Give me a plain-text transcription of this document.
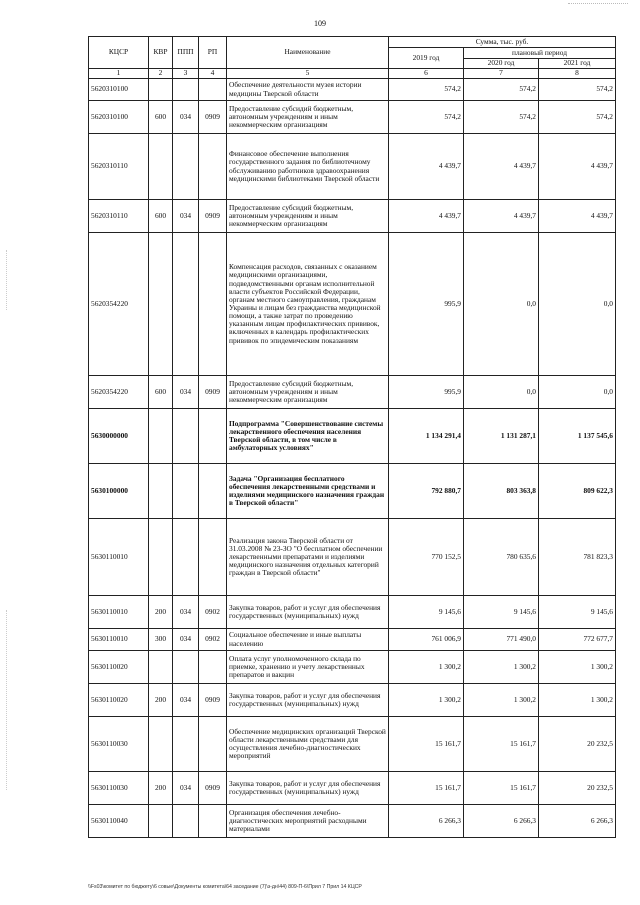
109
КЦСР	КВР	ППП	РП	Наименование	Сумма, тыс. руб.		
					2019 год	плановый период	
						2020 год	2021 год
1	2	3	4	5	6	7	8
5620310100				Обеспечение деятельности музея истории медицины Тверской области	574,2	574,2	574,2
5620310100	600	034	0909	Предоставление субсидий бюджетным, автономным учреждениям и иным некоммерческим организациям	574,2	574,2	574,2
5620310110				Финансовое обеспечение выполнения государственного задания по библиотечному обслуживанию работников здравоохранения медицинскими библиотеками Тверской области	4 439,7	4 439,7	4 439,7
5620310110	600	034	0909	Предоставление субсидий бюджетным, автономным учреждениям и иным некоммерческим организациям	4 439,7	4 439,7	4 439,7
5620354220				Компенсация расходов, связанных с оказанием медицинскими организациями, подведомственными органам исполнительной власти субъектов Российской Федерации, органам местного самоуправления, гражданам Украины и лицам без гражданства медицинской помощи, а также затрат по проведению указанным лицам профилактических прививок, включенных в календарь профилактических прививок по эпидемическим показаниям	995,9	0,0	0,0
5620354220	600	034	0909	Предоставление субсидий бюджетным, автономным учреждениям и иным некоммерческим организациям	995,9	0,0	0,0
5630000000				Подпрограмма "Совершенствование системы лекарственного обеспечения населения Тверской области, в том числе в амбулаторных условиях"	1 134 291,4	1 131 287,1	1 137 545,6
5630100000				Задача "Организация бесплатного обеспечения лекарственными средствами и изделиями медицинского назначения граждан в Тверской области"	792 880,7	803 363,8	809 622,3
5630110010				Реализация закона Тверской области от 31.03.2008 № 23-ЗО "О бесплатном обеспечении лекарственными препаратами и изделиями медицинского назначения отдельных категорий граждан в Тверской области"	770 152,5	780 635,6	781 823,3
5630110010	200	034	0902	Закупка товаров, работ и услуг для обеспечения государственных (муниципальных) нужд	9 145,6	9 145,6	9 145,6
5630110010	300	034	0902	Социальное обеспечение и иные выплаты населению	761 006,9	771 490,0	772 677,7
5630110020				Оплата услуг уполномоченного склада по приемке, хранению и учету лекарственных препаратов и вакцин	1 300,2	1 300,2	1 300,2
5630110020	200	034	0909	Закупка товаров, работ и услуг для обеспечения государственных (муниципальных) нужд	1 300,2	1 300,2	1 300,2
5630110030				Обеспечение медицинских организаций Тверской области лекарственными средствами для осуществления лечебно-диагностических мероприятий	15 161,7	15 161,7	20 232,5
5630110030	200	034	0909	Закупка товаров, работ и услуг для обеспечения государственных (муниципальных) нужд	15 161,7	15 161,7	20 232,5
5630110040				Организация обеспечения лечебно-диагностических мероприятий расходными материалами	6 266,3	6 266,3	6 266,3
\\Fs03\комитет по бюджету\6 совые\Документы комитета\64 заседание (7)\з-дн\44) 809-П-6\Прил 7 Прил 14 КЦСР
